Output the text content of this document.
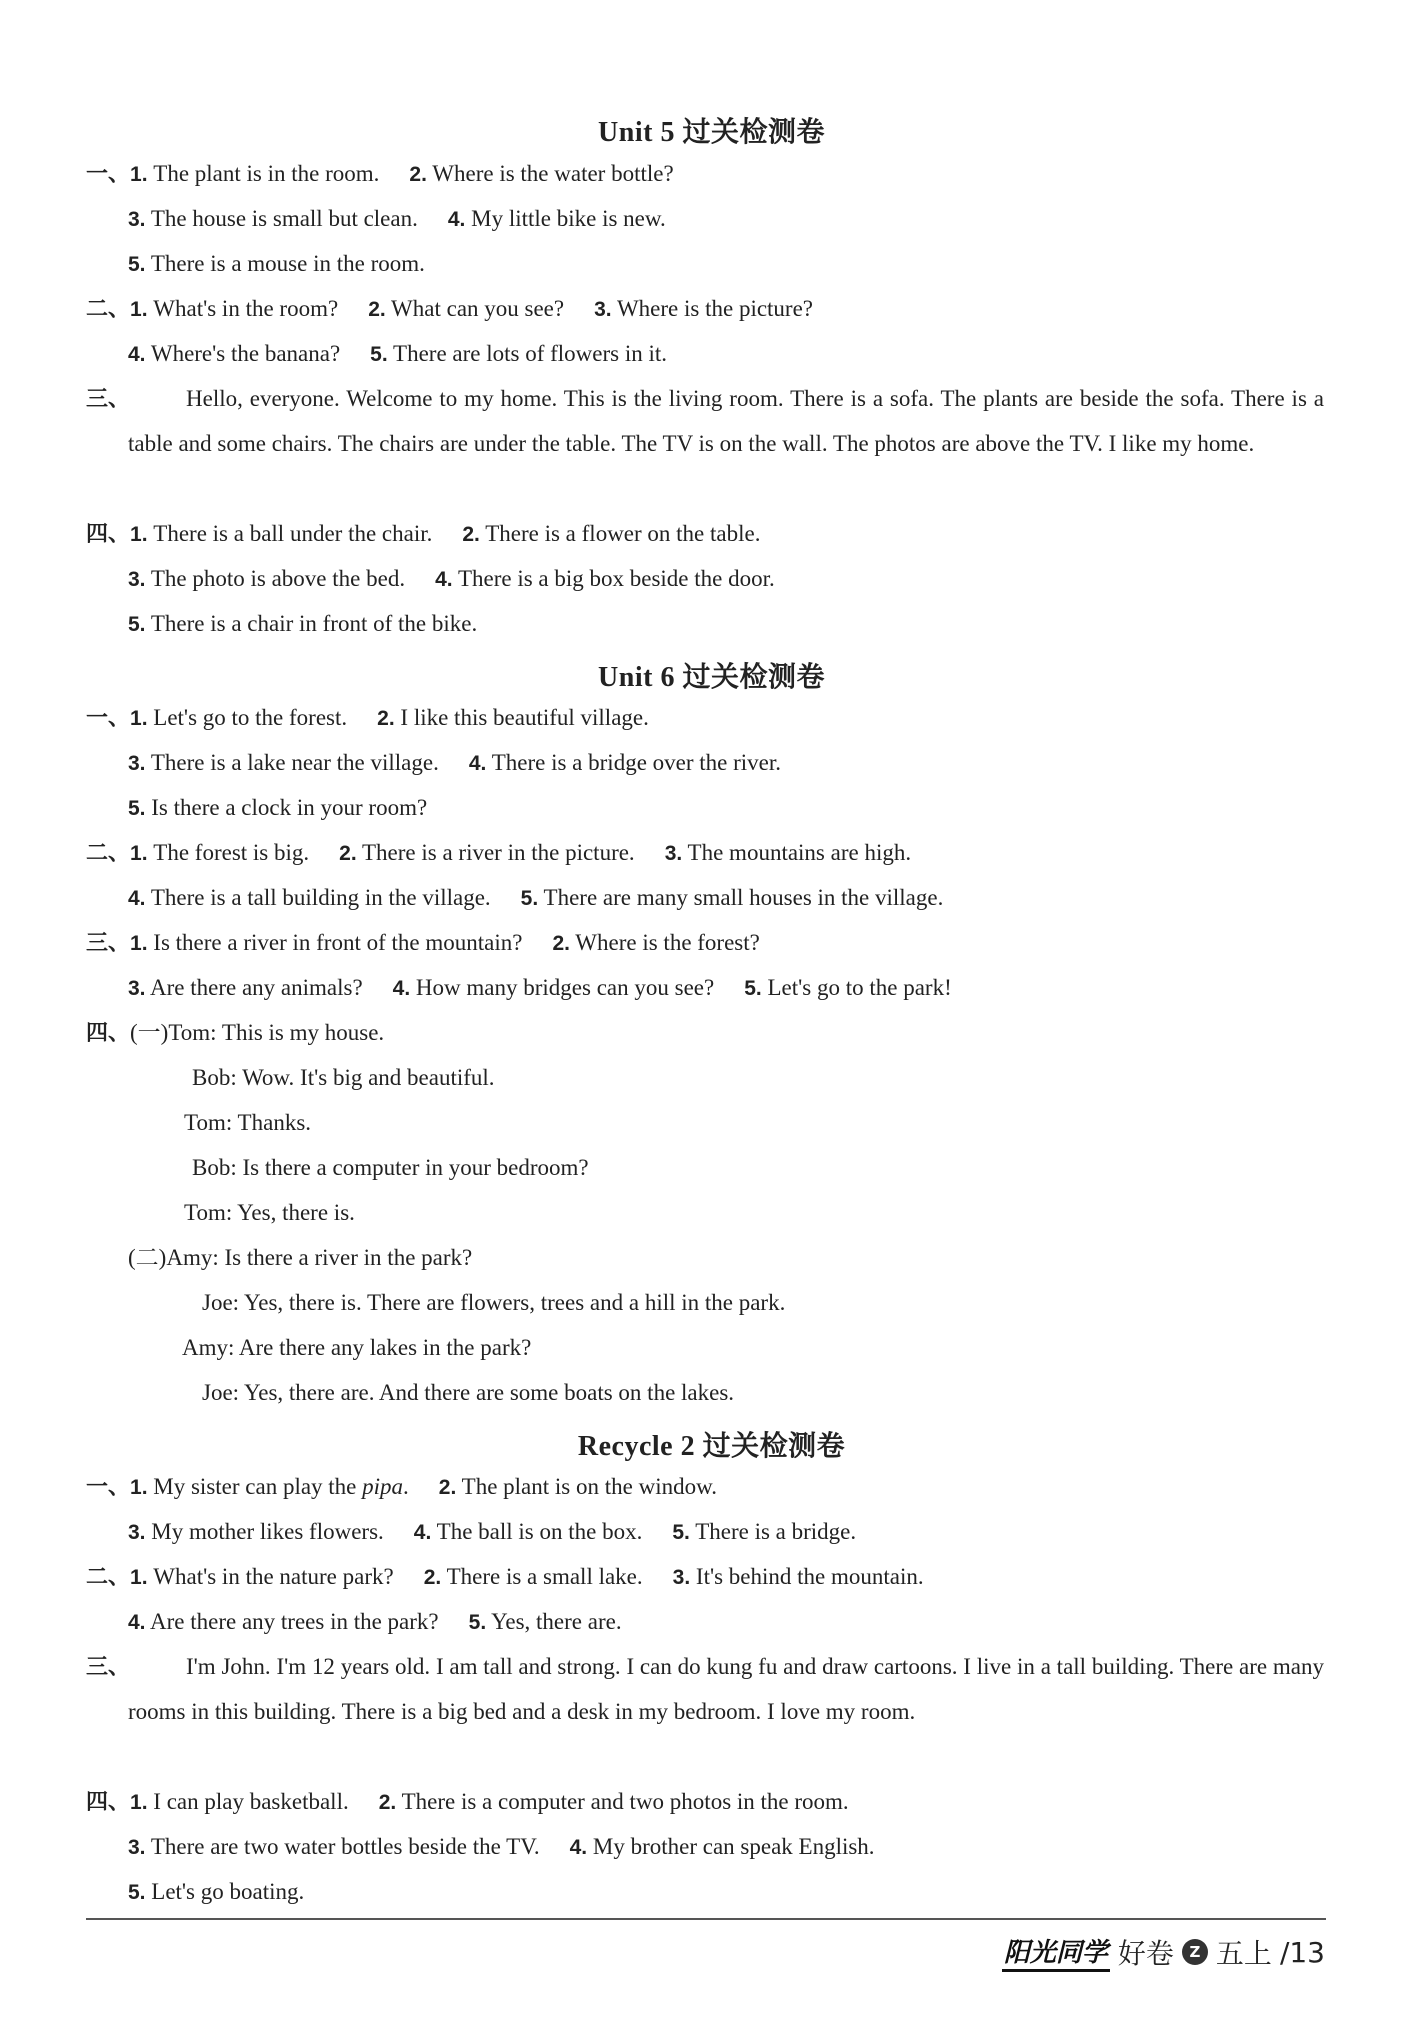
Unit 5 过关检测卷
一、1. The plant is in the room. 2. Where is the water bottle?
3. The house is small but clean. 4. My little bike is new.
5. There is a mouse in the room.
二、1. What's in the room? 2. What can you see? 3. Where is the picture?
4. Where's the banana? 5. There are lots of flowers in it.
三、	Hello, everyone. Welcome to my home. This is the living room. There is a sofa. The plants are beside the sofa. There is a table and some chairs. The chairs are under the table. The TV is on the wall. The photos are above the TV. I like my home.
四、1. There is a ball under the chair. 2. There is a flower on the table.
3. The photo is above the bed. 4. There is a big box beside the door.
5. There is a chair in front of the bike.
Unit 6 过关检测卷
一、1. Let's go to the forest. 2. I like this beautiful village.
3. There is a lake near the village. 4. There is a bridge over the river.
5. Is there a clock in your room?
二、1. The forest is big. 2. There is a river in the picture. 3. The mountains are high.
4. There is a tall building in the village. 5. There are many small houses in the village.
三、1. Is there a river in front of the mountain? 2. Where is the forest?
3. Are there any animals? 4. How many bridges can you see? 5. Let's go to the park!
四、(一)Tom: This is my house.
Bob: Wow. It's big and beautiful.
Tom: Thanks.
Bob: Is there a computer in your bedroom?
Tom: Yes, there is.
(二)Amy: Is there a river in the park?
Joe: Yes, there is. There are flowers, trees and a hill in the park.
Amy: Are there any lakes in the park?
Joe: Yes, there are. And there are some boats on the lakes.
Recycle 2 过关检测卷
一、1. My sister can play the pipa. 2. The plant is on the window.
3. My mother likes flowers. 4. The ball is on the box. 5. There is a bridge.
二、1. What's in the nature park? 2. There is a small lake. 3. It's behind the mountain.
4. Are there any trees in the park? 5. Yes, there are.
三、	I'm John. I'm 12 years old. I am tall and strong. I can do kung fu and draw cartoons. I live in a tall building. There are many rooms in this building. There is a big bed and a desk in my bedroom. I love my room.
四、1. I can play basketball. 2. There is a computer and two photos in the room.
3. There are two water bottles beside the TV. 4. My brother can speak English.
5. Let's go boating.
阳光同学 好卷	Z 五上 /13
